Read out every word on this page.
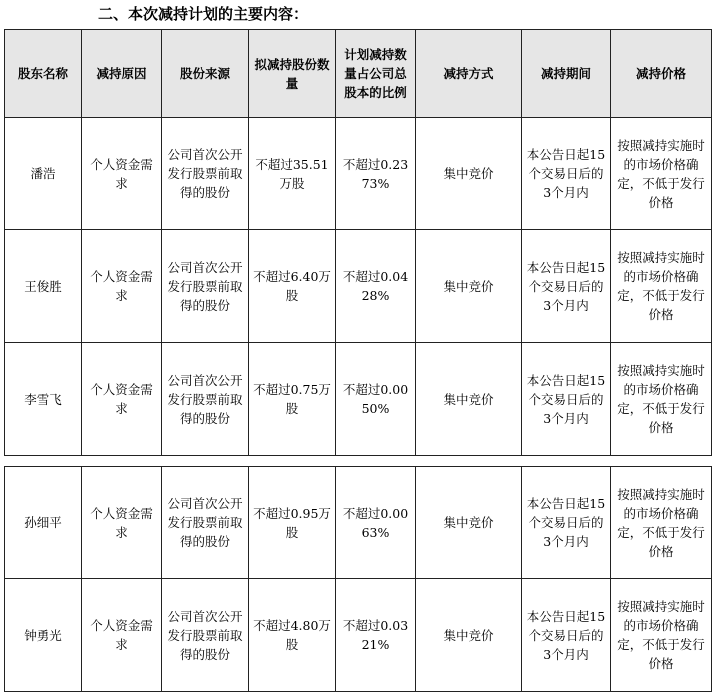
二、本次减持计划的主要内容：
股东名称	减持原因	股份来源	拟减持股份数量	计划减持数量占公司总股本的比例	减持方式	减持期间	减持价格
潘浩	个人资金需求	公司首次公开发行股票前取得的股份	不超过35.51万股	不超过0.2373%	集中竞价	本公告日起15个交易日后的3个月内	按照减持实施时的市场价格确定，不低于发行价格
王俊胜	个人资金需求	公司首次公开发行股票前取得的股份	不超过6.40万股	不超过0.0428%	集中竞价	本公告日起15个交易日后的3个月内	按照减持实施时的市场价格确定，不低于发行价格
李雪飞	个人资金需求	公司首次公开发行股票前取得的股份	不超过0.75万股	不超过0.0050%	集中竞价	本公告日起15个交易日后的3个月内	按照减持实施时的市场价格确定，不低于发行价格
孙细平	个人资金需求	公司首次公开发行股票前取得的股份	不超过0.95万股	不超过0.0063%	集中竞价	本公告日起15个交易日后的3个月内	按照减持实施时的市场价格确定，不低于发行价格
钟勇光	个人资金需求	公司首次公开发行股票前取得的股份	不超过4.80万股	不超过0.0321%	集中竞价	本公告日起15个交易日后的3个月内	按照减持实施时的市场价格确定，不低于发行价格
